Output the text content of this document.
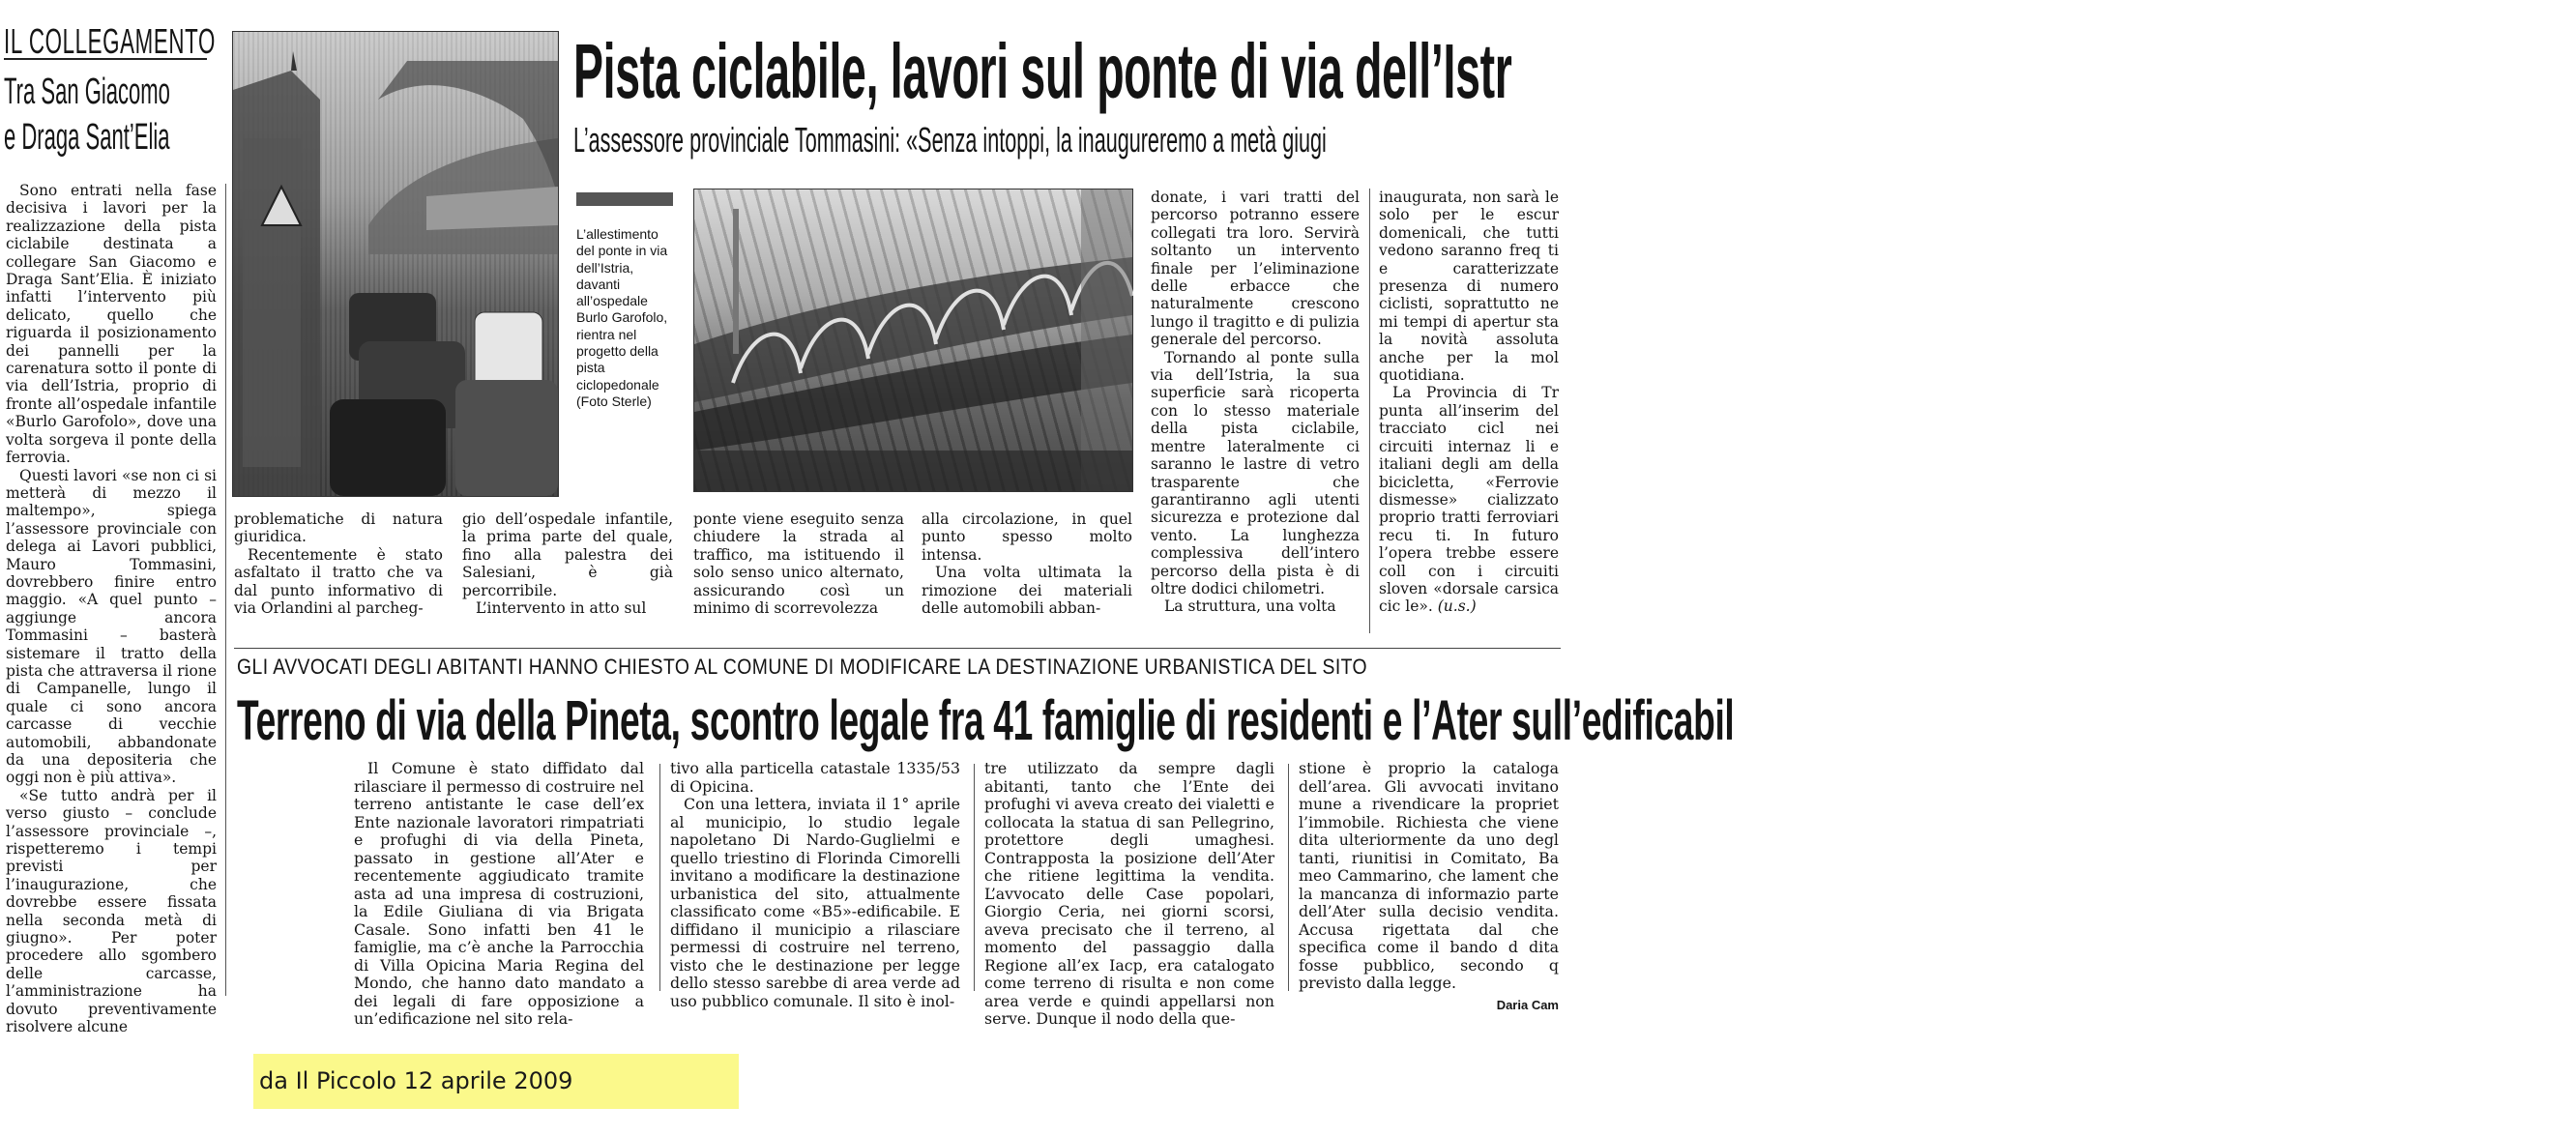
IL COLLEGAMENTO
Tra San Giacomo
e Draga Sant’Elia
Pista ciclabile, lavori sul ponte di via dell’Istr
L’assessore provinciale Tommasini: «Senza intoppi, la inaugureremo a metà giugi
L’allestimento del ponte in via dell’Istria, davanti all’ospedale Burlo Garofolo, rientra nel progetto della pista ciclopedonale (Foto Sterle)

Sono entrati nella fase decisiva i lavori per la realizzazione della pista ciclabile destinata a collegare San Giacomo e Draga Sant’Elia. È iniziato infatti l’intervento più delicato, quello che riguarda il posizionamento dei pannelli per la carenatura sotto il ponte di via dell’Istria, proprio di fronte all’ospedale infantile «Burlo Garofolo», dove una volta sorgeva il ponte della ferrovia.

Questi lavori «se non ci si metterà di mezzo il maltempo», spiega l’assessore provinciale con delega ai Lavori pubblici, Mauro Tommasini, dovrebbero finire entro maggio. «A quel punto – aggiunge ancora Tommasini – basterà sistemare il tratto della pista che attraversa il rione di Campanelle, lungo il quale ci sono ancora carcasse di vecchie automobili, abbandonate da una depositeria che oggi non è più attiva».

«Se tutto andrà per il verso giusto – conclude l’assessore provinciale –, rispetteremo i tempi previsti per l’inaugurazione, che dovrebbe essere fissata nella seconda metà di giugno». Per poter procedere allo sgombero delle carcasse, l’amministrazione ha dovuto preventivamente risolvere alcune

problematiche di natura giuridica.

Recentemente è stato asfaltato il tratto che va dal punto informativo di via Orlandini al parcheg-

gio dell’ospedale infantile, la prima parte del quale, fino alla palestra dei Salesiani, è già percorribile.

L’intervento in atto sul

ponte viene eseguito senza chiudere la strada al traffico, ma istituendo il solo senso unico alternato, assicurando così un minimo di scorrevolezza

alla circolazione, in quel punto spesso molto intensa.

Una volta ultimata la rimozione dei materiali delle automobili abban-

donate, i vari tratti del percorso potranno essere collegati tra loro. Servirà soltanto un intervento finale per l’eliminazione delle erbacce che naturalmente crescono lungo il tragitto e di pulizia generale del percorso.

Tornando al ponte sulla via dell’Istria, la sua superficie sarà ricoperta con lo stesso materiale della pista ciclabile, mentre lateralmente ci saranno le lastre di vetro trasparente che garantiranno agli utenti sicurezza e protezione dal vento. La lunghezza complessiva dell’intero percorso della pista è di oltre dodici chilometri.

La struttura, una volta

inaugurata, non sarà le solo per le escur domenicali, che tutti vedono saranno freq ti e caratterizzate presenza di numero ciclisti, soprattutto ne mi tempi di apertur sta la novità assoluta anche per la mol quotidiana.

La Provincia di Tr punta all’inserim del tracciato cicl nei circuiti internaz li e italiani degli am della bicicletta, «Ferrovie dismesse» cializzato proprio tratti ferroviari recu ti. In futuro l’opera trebbe essere coll con i circuiti sloven «dorsale carsica cic le». (u.s.)

GLI AVVOCATI DEGLI ABITANTI HANNO CHIESTO AL COMUNE DI MODIFICARE LA DESTINAZIONE URBANISTICA DEL SITO
Terreno di via della Pineta, scontro legale fra 41 famiglie di residenti e l’Ater sull’edificabil

Il Comune è stato diffidato dal rilasciare il permesso di costruire nel terreno antistante le case dell’ex Ente nazionale lavoratori rimpatriati e profughi di via della Pineta, passato in gestione all’Ater e recentemente aggiudicato tramite asta ad una impresa di costruzioni, la Edile Giuliana di via Brigata Casale. Sono infatti ben 41 le famiglie, ma c’è anche la Parrocchia di Villa Opicina Maria Regina del Mondo, che hanno dato mandato a dei legali di fare opposizione a un’edificazione nel sito rela-

tivo alla particella catastale 1335/53 di Opicina.

Con una lettera, inviata il 1° aprile al municipio, lo studio legale napoletano Di Nardo-Guglielmi e quello triestino di Florinda Cimorelli invitano a modificare la destinazione urbanistica del sito, attualmente classificato come «B5»-edificabile. E diffidano il municipio a rilasciare permessi di costruire nel terreno, visto che le destinazione per legge dello stesso sarebbe di area verde ad uso pubblico comunale. Il sito è inol-

tre utilizzato da sempre dagli abitanti, tanto che l’Ente dei profughi vi aveva creato dei vialetti e collocata la statua di san Pellegrino, protettore degli umaghesi. Contrapposta la posizione dell’Ater che ritiene legittima la vendita. L’avvocato delle Case popolari, Giorgio Ceria, nei giorni scorsi, aveva precisato che il terreno, al momento del passaggio dalla Regione all’ex Iacp, era catalogato come terreno di risulta e non come area verde e quindi appellarsi non serve. Dunque il nodo della que-

stione è proprio la cataloga dell’area. Gli avvocati invitano mune a rivendicare la propriet l’immobile. Richiesta che viene dita ulteriormente da uno degl tanti, riunitisi in Comitato, Ba meo Cammarino, che lament che la mancanza di informazio parte dell’Ater sulla decisio vendita. Accusa rigettata dal che specifica come il bando d dita fosse pubblico, secondo q previsto dalla legge.

Daria Cam

da Il Piccolo 12 aprile 2009
